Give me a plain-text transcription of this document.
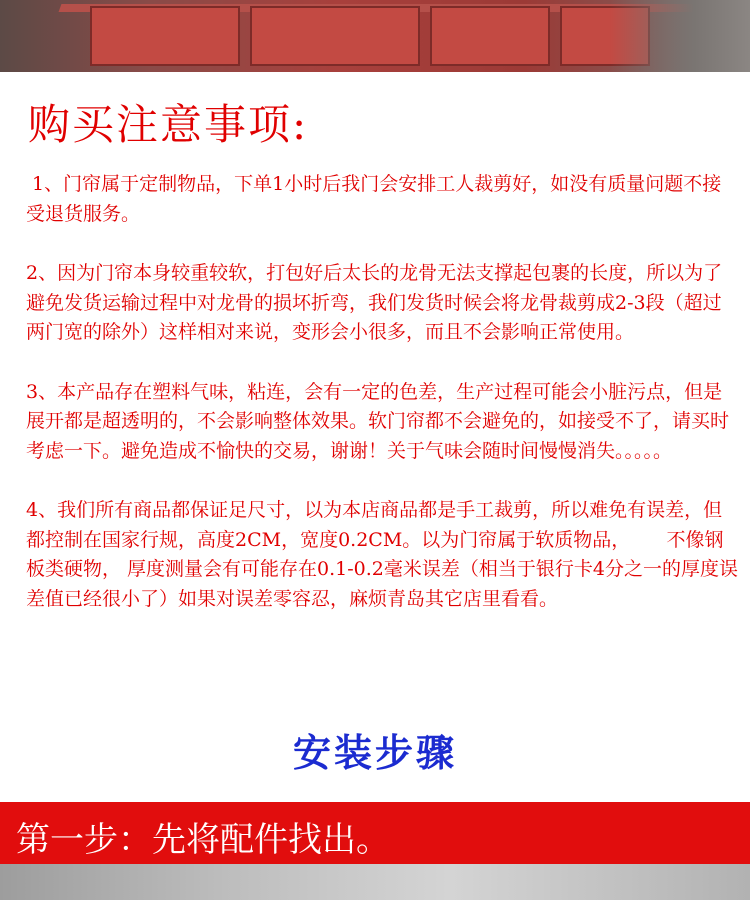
购买注意事项:

1、门帘属于定制物品，下单1小时后我门会安排工人裁剪好，如没有质量问题不接受退货服务。

2、因为门帘本身较重较软，打包好后太长的龙骨无法支撑起包裹的长度，所以为了避免发货运输过程中对龙骨的损坏折弯，我们发货时候会将龙骨裁剪成2-3段（超过两门宽的除外）这样相对来说，变形会小很多，而且不会影响正常使用。

3、本产品存在塑料气味，粘连，会有一定的色差，生产过程可能会小脏污点，但是展开都是超透明的，不会影响整体效果。软门帘都不会避免的，如接受不了，请买时考虑一下。避免造成不愉快的交易，谢谢！关于气味会随时间慢慢消失。。。。。

4、我们所有商品都保证足尺寸，以为本店商品都是手工裁剪，所以难免有误差，但都控制在国家行规，高度2CM，宽度0.2CM。以为门帘属于软质物品，      不像钢板类硬物， 厚度测量会有可能存在0.1-0.2毫米误差（相当于银行卡4分之一的厚度误差值已经很小了）如果对误差零容忍，麻烦青岛其它店里看看。

安装步骤
第一步：先将配件找出。
